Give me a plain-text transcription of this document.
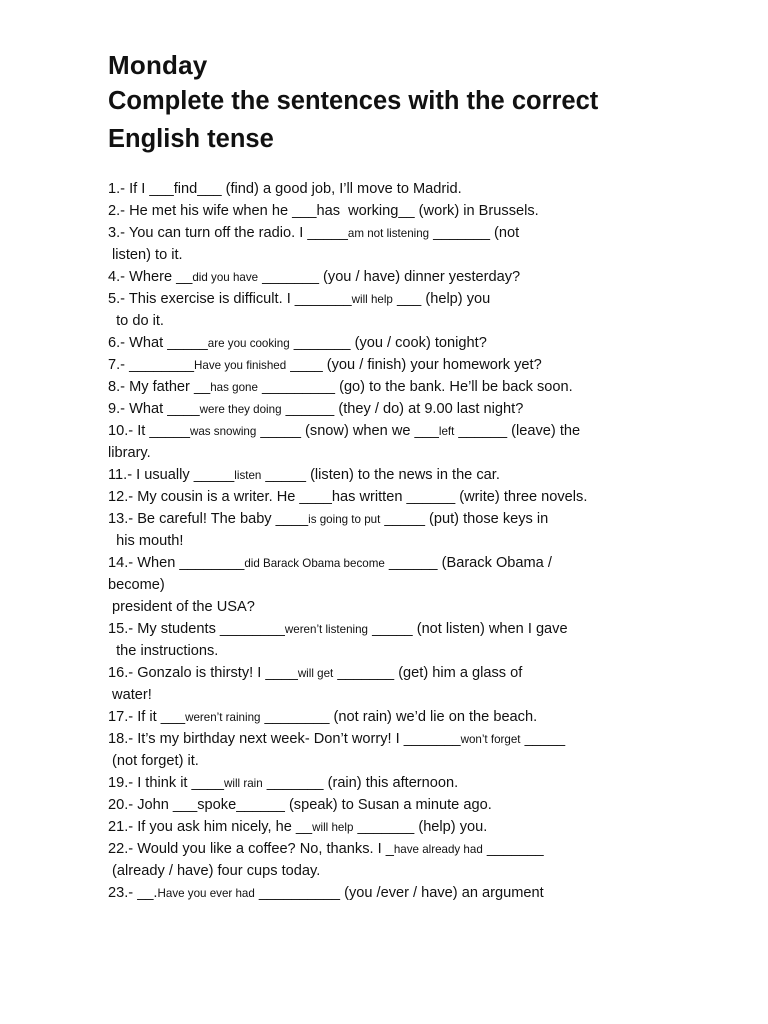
Monday
Complete the sentences with the correct
English tense
1.- If I ___find___ (find) a good job, I’ll move to Madrid.
2.- He met his wife when he ___has  working__ (work) in Brussels.
3.- You can turn off the radio. I _____am not listening _______ (not
listen) to it.
4.- Where __did you have _______ (you / have) dinner yesterday?
5.- This exercise is difficult. I _______will help ___ (help) you
to do it.
6.- What _____are you cooking _______ (you / cook) tonight?
7.- ________Have you finished ____ (you / finish) your homework yet?
8.- My father __has gone _________ (go) to the bank. He’ll be back soon.
9.- What ____were they doing ______ (they / do) at 9.00 last night?
10.- It _____was snowing _____ (snow) when we ___left ______ (leave) the
library.
11.- I usually _____listen _____ (listen) to the news in the car.
12.- My cousin is a writer. He ____has written ______ (write) three novels.
13.- Be careful! The baby ____is going to put _____ (put) those keys in
his mouth!
14.- When ________did Barack Obama become ______ (Barack Obama /
become)
president of the USA?
15.- My students ________weren’t listening _____ (not listen) when I gave
the instructions.
16.- Gonzalo is thirsty! I ____will get _______ (get) him a glass of
water!
17.- If it ___weren’t raining ________ (not rain) we’d lie on the beach.
18.- It’s my birthday next week- Don’t worry! I _______won’t forget _____
(not forget) it.
19.- I think it ____will rain _______ (rain) this afternoon.
20.- John ___spoke______ (speak) to Susan a minute ago.
21.- If you ask him nicely, he __will help _______ (help) you.
22.- Would you like a coffee? No, thanks. I _have already had _______
(already / have) four cups today.
23.- __.Have you ever had __________ (you /ever / have) an argument
